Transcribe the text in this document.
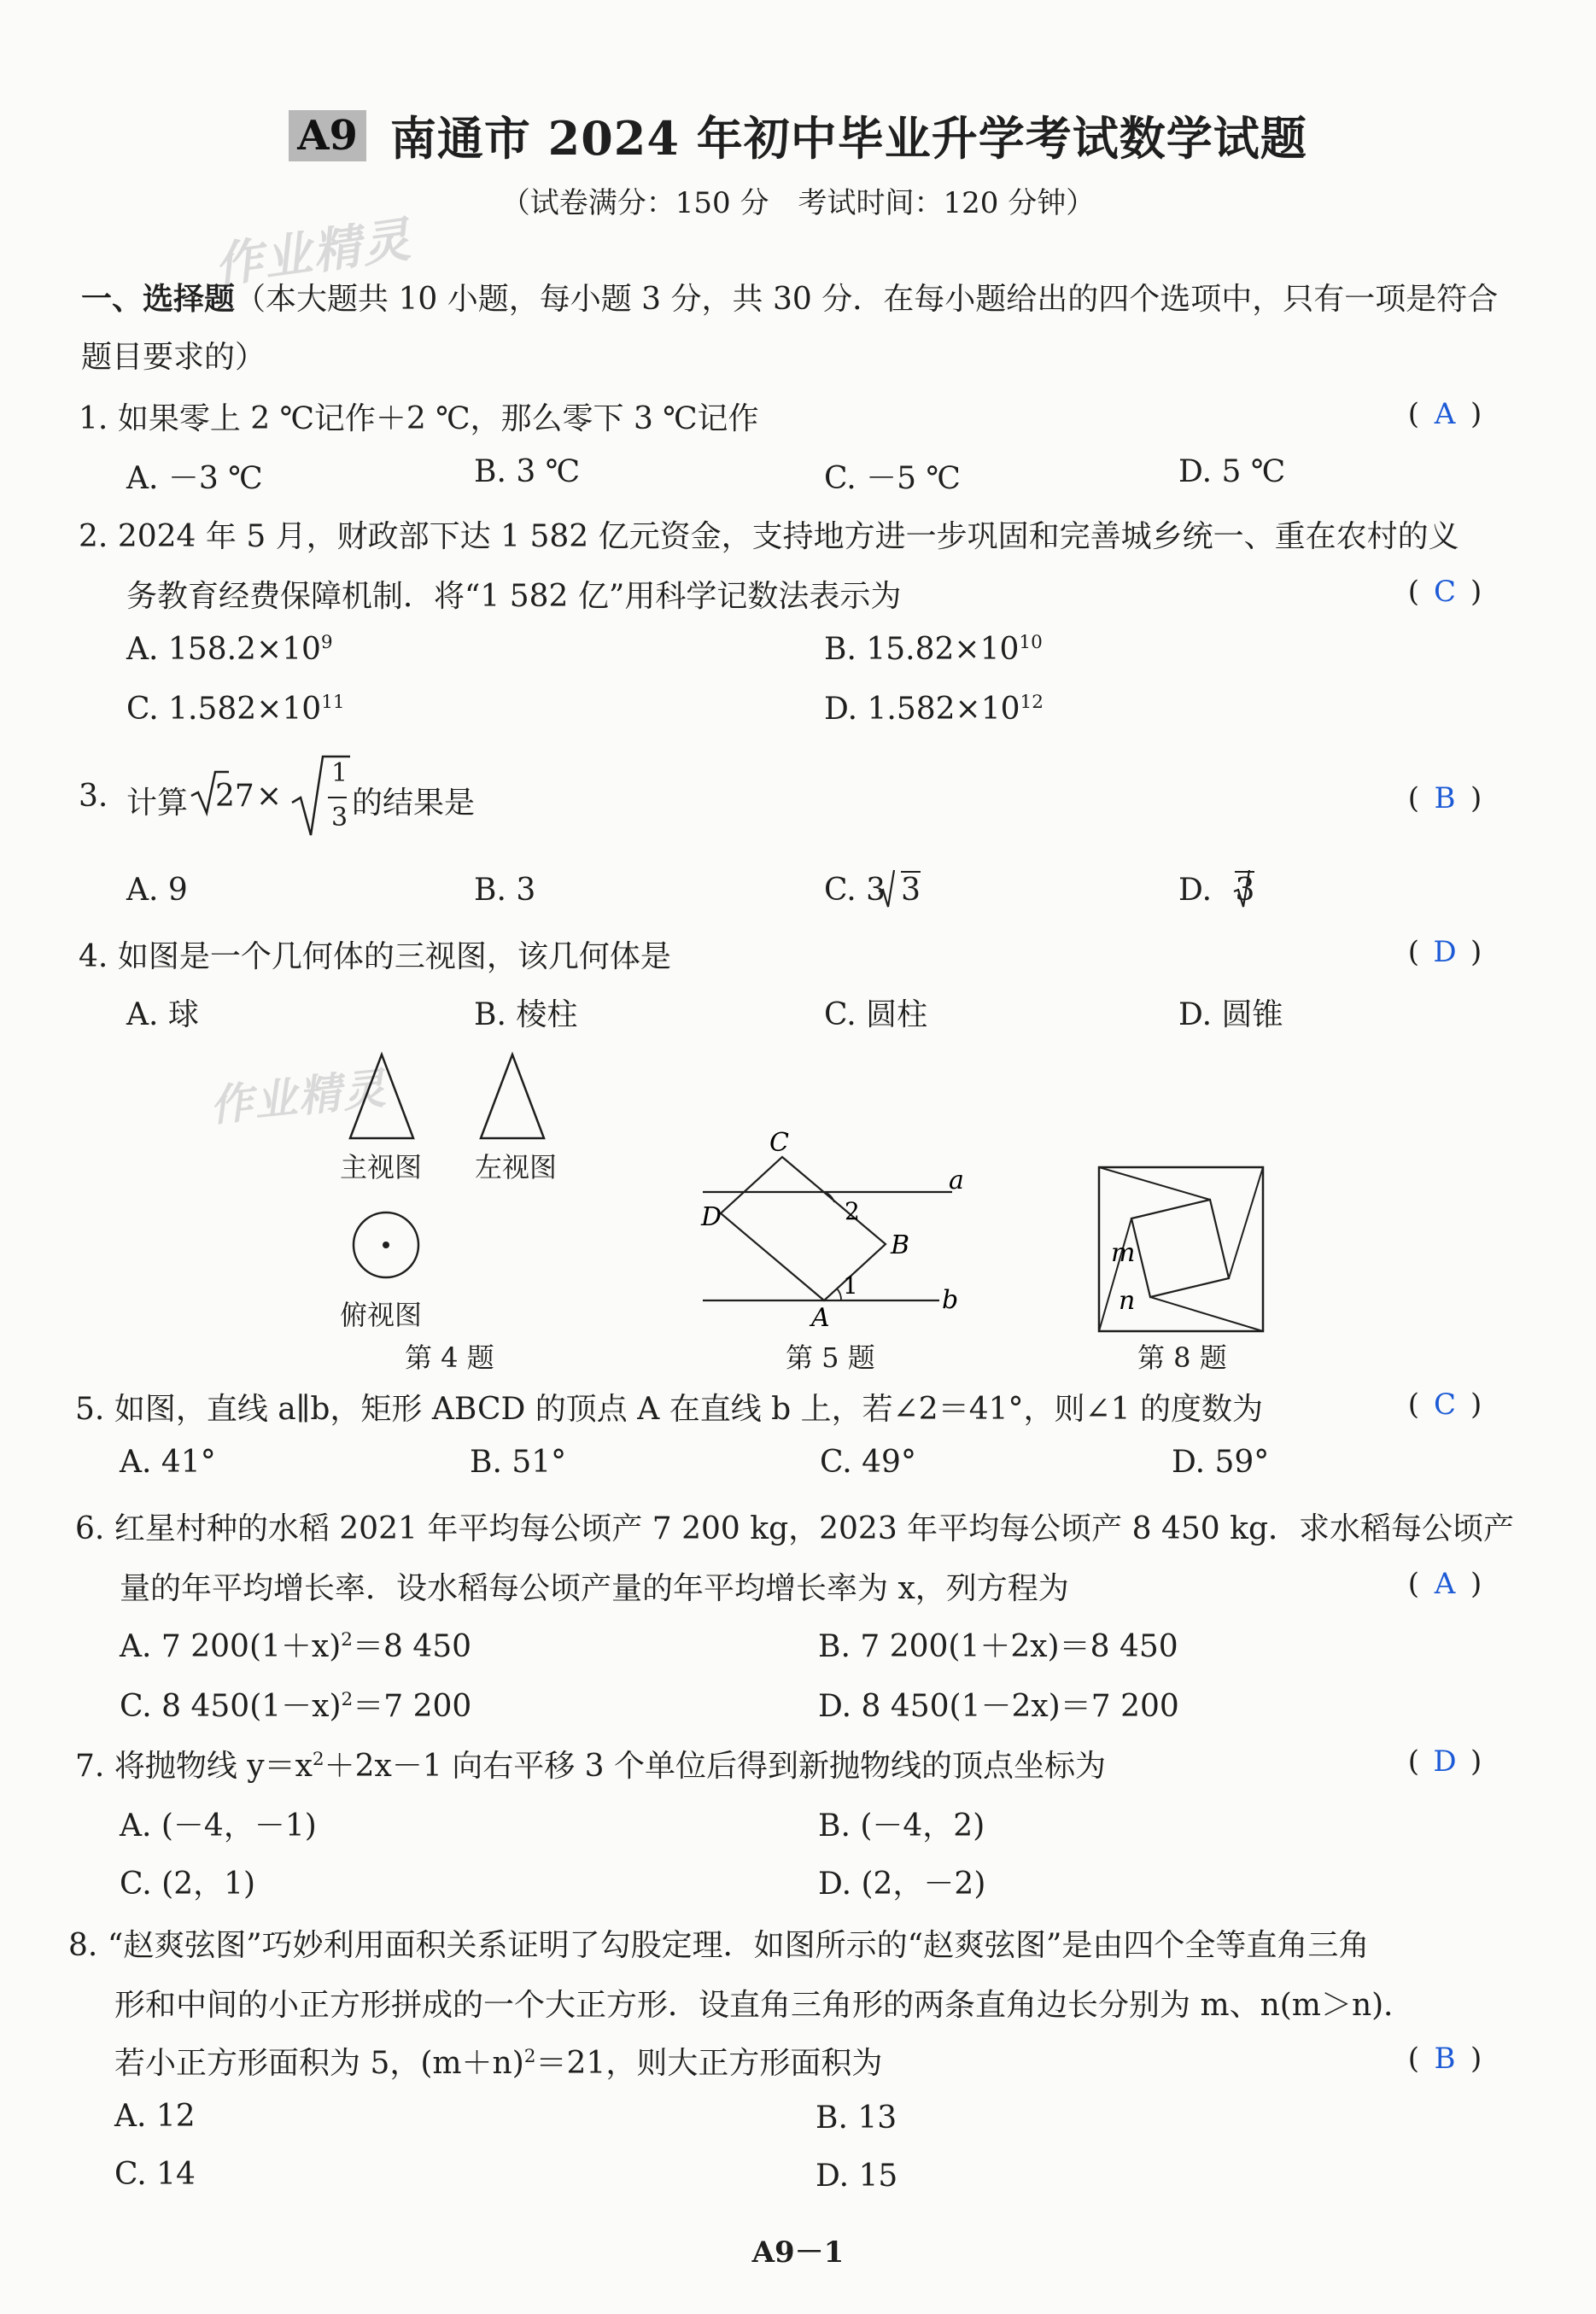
A9 南通市 2024 年初中毕业升学考试数学试题
（试卷满分：150 分　考试时间：120 分钟）
作业精灵
作业精灵
一、选择题（本大题共 10 小题，每小题 3 分，共 30 分．在每小题给出的四个选项中，只有一项是符合
题目要求的）
1. 如果零上 2 ℃记作＋2 ℃，那么零下 3 ℃记作	( A )
A. －3 ℃	B. 3 ℃	C. －5 ℃	D. 5 ℃
2. 2024 年 5 月，财政部下达 1 582 亿元资金，支持地方进一步巩固和完善城乡统一、重在农村的义
务教育经费保障机制．将“1 582 亿”用科学记数法表示为	( C )
A. $158.2\times 10^9$	B. $15.82\times 10^{10}$
C. $1.582\times 10^{11}$	D. $1.582\times 10^{12}$
3. 计算 27 ×
1
3 的结果是	( B )
A. 9	B. 3	C. 3 3	D. 3
4. 如图是一个几何体的三视图，该几何体是	( D )
A. 球	B. 棱柱	C. 圆柱	D. 圆锥
主视图 左视图
俯视图
第 4 题
C
D
B
A
a
b
2
1
第 5 题
m
n
第 8 题
5. 如图，直线 a∥b，矩形 ABCD 的顶点 A 在直线 b 上，若∠2＝41°，则∠1 的度数为	( C )
A. 41°	B. 51°	C. 49°	D. 59°
6. 红星村种的水稻 2021 年平均每公顷产 7 200 kg，2023 年平均每公顷产 8 450 kg．求水稻每公顷产
量的年平均增长率．设水稻每公顷产量的年平均增长率为 x，列方程为	( A )
A. 7 $200(1+x)^2=8$ 450	B. 7 200(1＋2x)＝8 450
C. 8 $450(1-x)^2=7$ 200	D. 8 450(1－2x)＝7 200
7. 将抛物线 $y=x^2+2x-1$ 向右平移 3 个单位后得到新抛物线的顶点坐标为	( D )
A. (－4，－1)	B. (－4，2)
C. (2，1)	D. (2，－2)
8. “赵爽弦图”巧妙利用面积关系证明了勾股定理．如图所示的“赵爽弦图”是由四个全等直角三角
形和中间的小正方形拼成的一个大正方形．设直角三角形的两条直角边长分别为 m、n(m＞n)．
若小正方形面积为 5，$(m+n)^2=21$，则大正方形面积为	( B )
A. 12	B. 13
C. 14	D. 15
A9－1
